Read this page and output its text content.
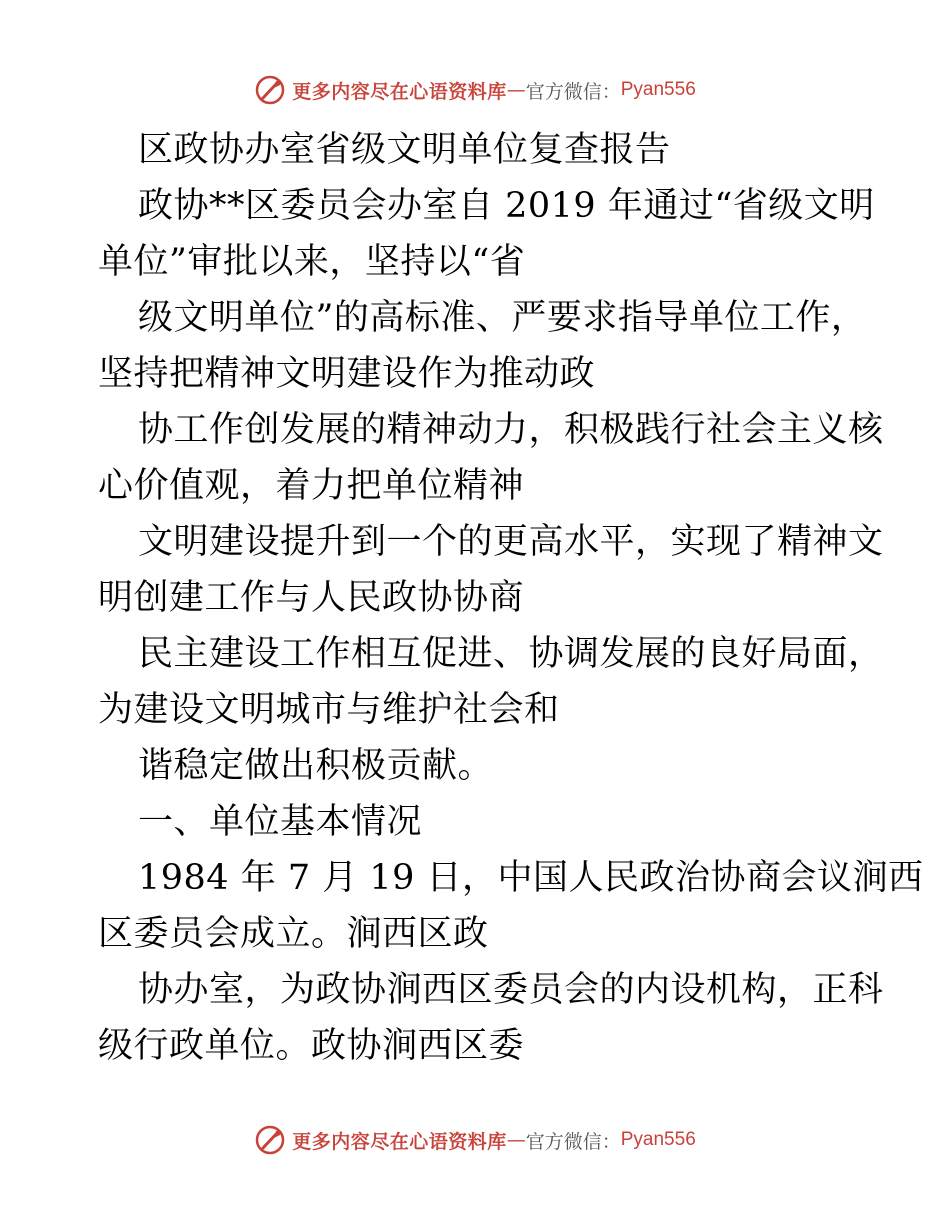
更多内容尽在心语资料库 — 官方微信： Pyan556
区政协办室省级文明单位复查报告
政协**区委员会办室自 2019 年通过“省级文明
单位”审批以来，坚持以“省
级文明单位”的高标准、严要求指导单位工作，
坚持把精神文明建设作为推动政
协工作创发展的精神动力，积极践行社会主义核
心价值观，着力把单位精神
文明建设提升到一个的更高水平，实现了精神文
明创建工作与人民政协协商
民主建设工作相互促进、协调发展的良好局面，
为建设文明城市与维护社会和
谐稳定做出积极贡献。
一、单位基本情况
1984 年 7 月 19 日，中国人民政治协商会议涧西
区委员会成立。涧西区政
协办室，为政协涧西区委员会的内设机构，正科
级行政单位。政协涧西区委
更多内容尽在心语资料库 — 官方微信： Pyan556
